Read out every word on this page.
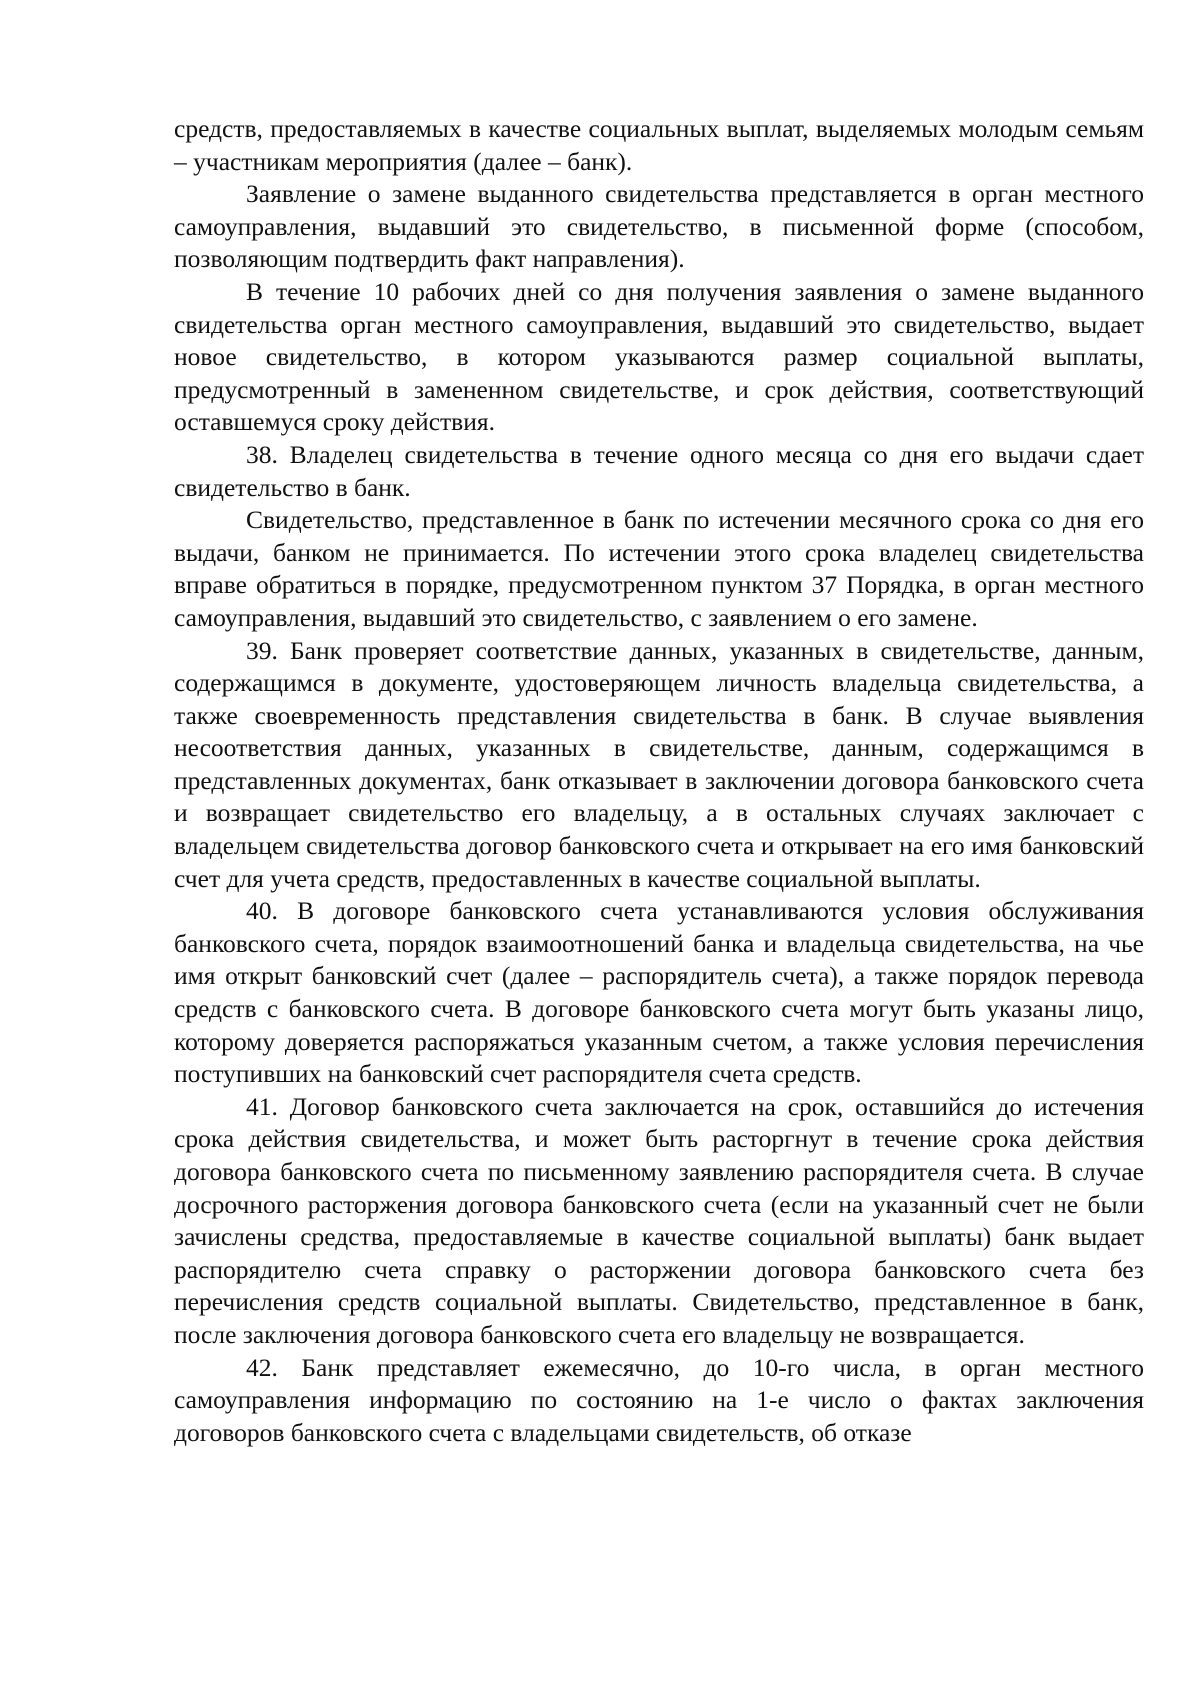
средств, предоставляемых в качестве социальных выплат, выделяемых молодым семьям – участникам мероприятия (далее – банк).

Заявление о замене выданного свидетельства представляется в орган местного самоуправления, выдавший это свидетельство, в письменной форме (способом, позволяющим подтвердить факт направления).

В течение 10 рабочих дней со дня получения заявления о замене выданного свидетельства орган местного самоуправления, выдавший это свидетельство, выдает новое свидетельство, в котором указываются размер социальной выплаты, предусмотренный в замененном свидетельстве, и срок действия, соответствующий оставшемуся сроку действия.

38. Владелец свидетельства в течение одного месяца со дня его выдачи сдает свидетельство в банк.

Свидетельство, представленное в банк по истечении месячного срока со дня его выдачи, банком не принимается. По истечении этого срока владелец свидетельства вправе обратиться в порядке, предусмотренном пунктом 37 Порядка, в орган местного самоуправления, выдавший это свидетельство, с заявлением о его замене.

39. Банк проверяет соответствие данных, указанных в свидетельстве, данным, содержащимся в документе, удостоверяющем личность владельца свидетельства, а также своевременность представления свидетельства в банк. В случае выявления несоответствия данных, указанных в свидетельстве, данным, содержащимся в представленных документах, банк отказывает в заключении договора банковского счета и возвращает свидетельство его владельцу, а в остальных случаях заключает с владельцем свидетельства договор банковского счета и открывает на его имя банковский счет для учета средств, предоставленных в качестве социальной выплаты.

40. В договоре банковского счета устанавливаются условия обслуживания банковского счета, порядок взаимоотношений банка и владельца свидетельства, на чье имя открыт банковский счет (далее – распорядитель счета), а также порядок перевода средств с банковского счета. В договоре банковского счета могут быть указаны лицо, которому доверяется распоряжаться указанным счетом, а также условия перечисления поступивших на банковский счет распорядителя счета средств.

41. Договор банковского счета заключается на срок, оставшийся до истечения срока действия свидетельства, и может быть расторгнут в течение срока действия договора банковского счета по письменному заявлению распорядителя счета. В случае досрочного расторжения договора банковского счета (если на указанный счет не были зачислены средства, предоставляемые в качестве социальной выплаты) банк выдает распорядителю счета справку о расторжении договора банковского счета без перечисления средств социальной выплаты. Свидетельство, представленное в банк, после заключения договора банковского счета его владельцу не возвращается.

42. Банк представляет ежемесячно, до 10-го числа, в орган местного самоуправления информацию по состоянию на 1-е число о фактах заключения договоров банковского счета с владельцами свидетельств, об отказе
